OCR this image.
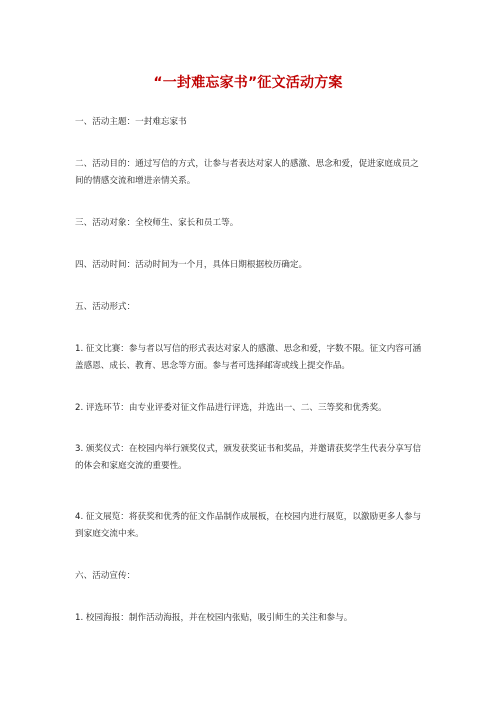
“一封难忘家书”征文活动方案

一、活动主题：一封难忘家书

二、活动目的：通过写信的方式，让参与者表达对家人的感激、思念和爱，促进家庭成员之间的情感交流和增进亲情关系。

三、活动对象：全校师生、家长和员工等。

四、活动时间：活动时间为一个月，具体日期根据校历确定。

五、活动形式：

1. 征文比赛：参与者以写信的形式表达对家人的感激、思念和爱，字数不限。征文内容可涵盖感恩、成长、教育、思念等方面。参与者可选择邮寄或线上提交作品。

2. 评选环节：由专业评委对征文作品进行评选，并选出一、二、三等奖和优秀奖。

3. 颁奖仪式：在校园内举行颁奖仪式，颁发获奖证书和奖品，并邀请获奖学生代表分享写信的体会和家庭交流的重要性。

4. 征文展览：将获奖和优秀的征文作品制作成展板，在校园内进行展览，以激励更多人参与到家庭交流中来。

六、活动宣传：

1. 校园海报：制作活动海报，并在校园内张贴，吸引师生的关注和参与。
